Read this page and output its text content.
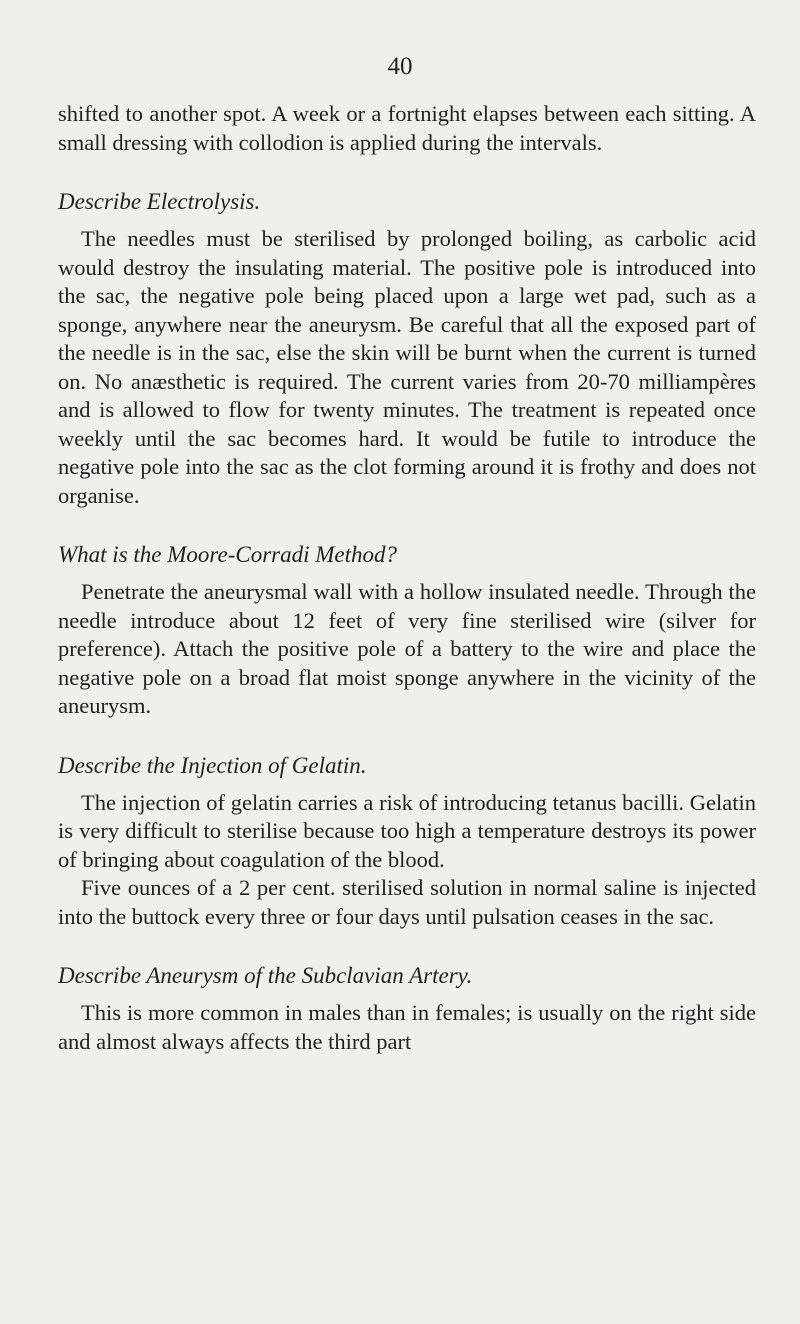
40

shifted to another spot. A week or a fortnight elapses between each sitting. A small dressing with collodion is applied during the intervals.

Describe Electrolysis.

The needles must be sterilised by prolonged boiling, as carbolic acid would destroy the insulating material. The positive pole is introduced into the sac, the negative pole being placed upon a large wet pad, such as a sponge, anywhere near the aneurysm. Be careful that all the exposed part of the needle is in the sac, else the skin will be burnt when the current is turned on. No anæsthetic is required. The current varies from 20-70 milliampères and is allowed to flow for twenty minutes. The treatment is repeated once weekly until the sac becomes hard. It would be futile to introduce the negative pole into the sac as the clot forming around it is frothy and does not organise.

What is the Moore-Corradi Method?

Penetrate the aneurysmal wall with a hollow insulated needle. Through the needle introduce about 12 feet of very fine sterilised wire (silver for preference). Attach the positive pole of a battery to the wire and place the negative pole on a broad flat moist sponge anywhere in the vicinity of the aneurysm.

Describe the Injection of Gelatin.

The injection of gelatin carries a risk of introducing tetanus bacilli. Gelatin is very difficult to sterilise because too high a temperature destroys its power of bringing about coagulation of the blood.

Five ounces of a 2 per cent. sterilised solution in normal saline is injected into the buttock every three or four days until pulsation ceases in the sac.

Describe Aneurysm of the Subclavian Artery.

This is more common in males than in females; is usually on the right side and almost always affects the third part
